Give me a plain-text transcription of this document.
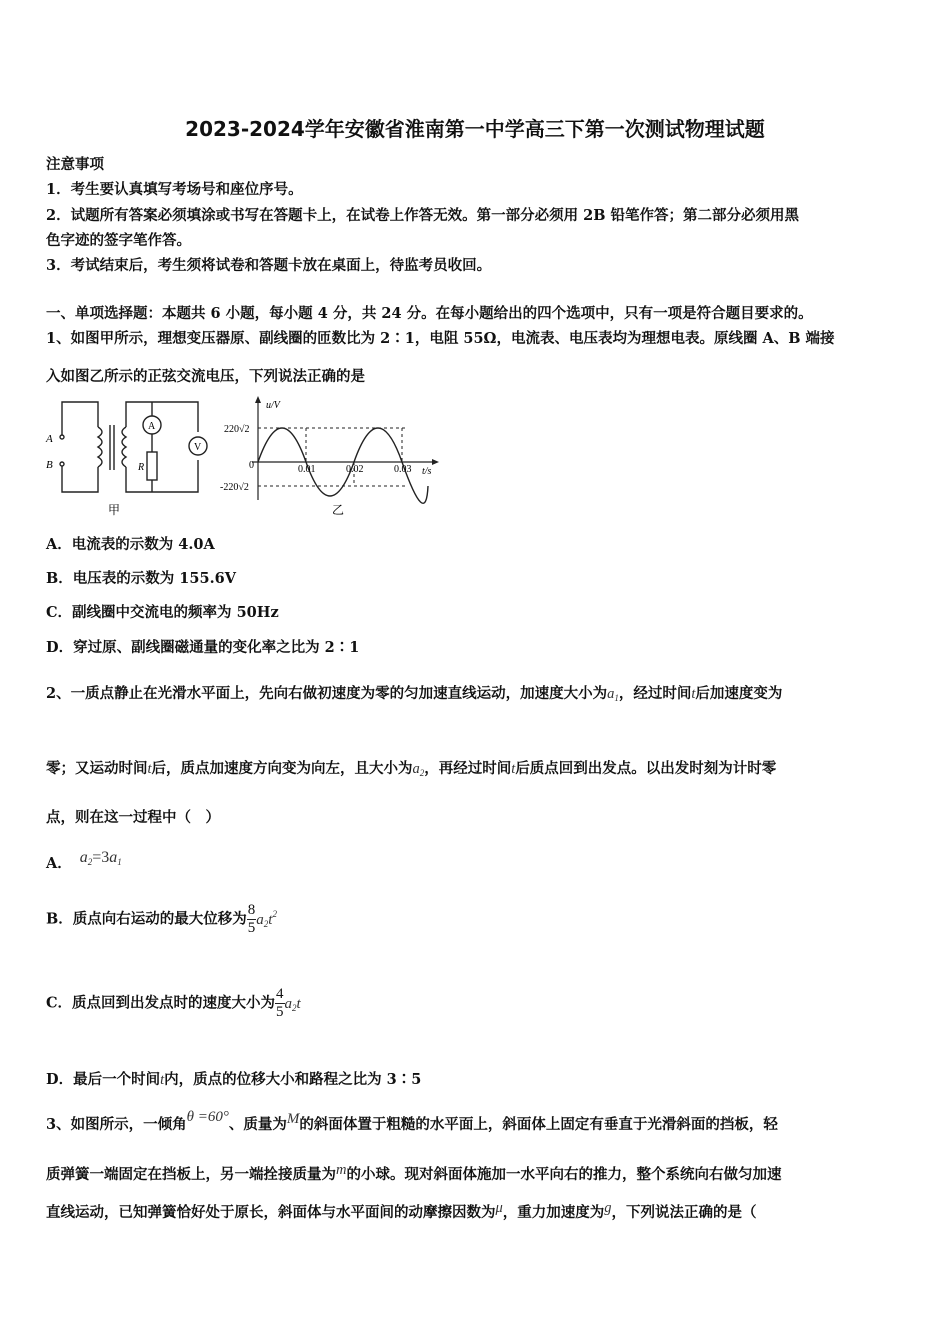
2023-2024学年安徽省淮南第一中学高三下第一次测试物理试题
注意事项
1．考生要认真填写考场号和座位序号。
2．试题所有答案必须填涂或书写在答题卡上，在试卷上作答无效。第一部分必须用 2B 铅笔作答；第二部分必须用黑
色字迹的签字笔作答。
3．考试结束后，考生须将试卷和答题卡放在桌面上，待监考员收回。
一、单项选择题：本题共 6 小题，每小题 4 分，共 24 分。在每小题给出的四个选项中，只有一项是符合题目要求的。
1、如图甲所示，理想变压器原、副线圈的匝数比为 2∶1，电阻 55Ω，电流表、电压表均为理想电表。原线圈 A、B 端接
入如图乙所示的正弦交流电压，下列说法正确的是
A
B
A
V
R
甲
u/V
t/s
220√2
-220√2
0	0.01	0.02	0.03
乙
A．电流表的示数为 4.0A
B．电压表的示数为 155.6V
C．副线圈中交流电的频率为 50Hz
D．穿过原、副线圈磁通量的变化率之比为 2∶1
2、一质点静止在光滑水平面上，先向右做初速度为零的匀加速直线运动，加速度大小为$a_1$，经过时间t后加速度变为
零；又运动时间t后，质点加速度方向变为向左，且大小为$a_2$，再经过时间t后质点回到出发点。以出发时刻为计时零
点，则在这一过程中（　）
A． $a_2=3a_1$
B．质点向右运动的最大位移为 $\frac{8}{5} a_2t^2$
C．质点回到出发点时的速度大小为 $\frac{4}{5} a_2t$
D．最后一个时间t内，质点的位移大小和路程之比为 3∶5
3、如图所示，一倾角θ =60°、质量为M的斜面体置于粗糙的水平面上，斜面体上固定有垂直于光滑斜面的挡板，轻
质弹簧一端固定在挡板上，另一端拴接质量为m的小球。现对斜面体施加一水平向右的推力，整个系统向右做匀加速
直线运动，已知弹簧恰好处于原长，斜面体与水平面间的动摩擦因数为μ，重力加速度为g，下列说法正确的是（
